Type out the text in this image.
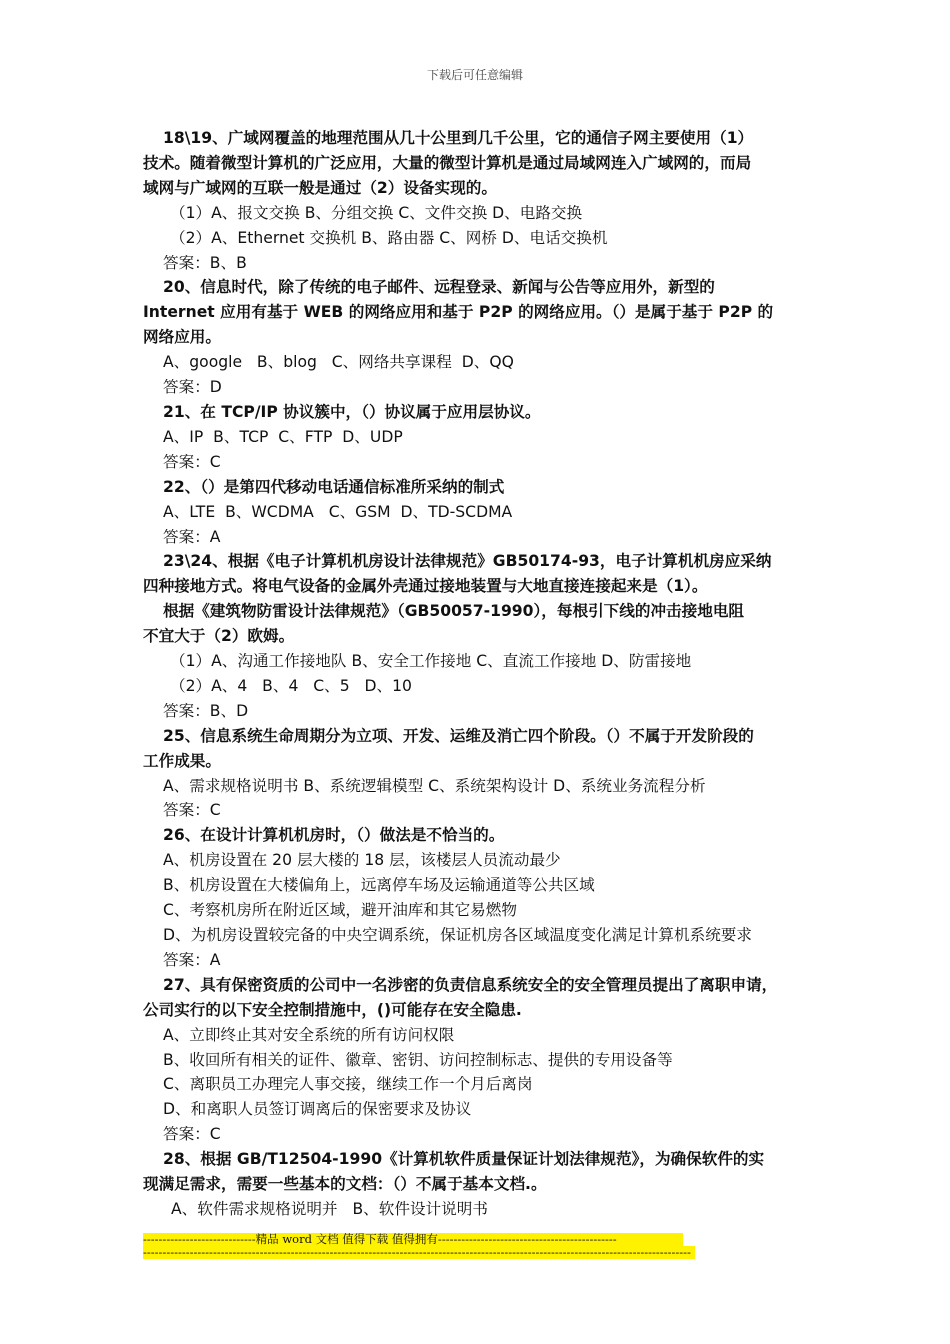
下载后可任意编辑
18\19、广域网覆盖的地理范围从几十公里到几千公里，它的通信子网主要使用（1）
技术。随着微型计算机的广泛应用，大量的微型计算机是通过局域网连入广域网的，而局
域网与广域网的互联一般是通过（2）设备实现的。
（1）A、报文交换 B、分组交换 C、文件交换 D、电路交换
（2）A、Ethernet 交换机 B、路由器 C、网桥 D、电话交换机
答案：B、B
20、信息时代，除了传统的电子邮件、远程登录、新闻与公告等应用外，新型的
Internet 应用有基于 WEB 的网络应用和基于 P2P 的网络应用。（）是属于基于 P2P 的
网络应用。
A、google   B、blog   C、网络共享课程  D、QQ
答案：D
21、在 TCP/IP 协议簇中，（）协议属于应用层协议。
A、IP  B、TCP  C、FTP  D、UDP
答案：C
22、（）是第四代移动电话通信标准所采纳的制式
A、LTE  B、WCDMA   C、GSM  D、TD-SCDMA
答案：A
23\24、根据《电子计算机机房设计法律规范》GB50174-93，电子计算机机房应采纳
四种接地方式。将电气设备的金属外壳通过接地装置与大地直接连接起来是（1）。
根据《建筑物防雷设计法律规范》（GB50057-1990），每根引下线的冲击接地电阻
不宜大于（2）欧姆。
（1）A、沟通工作接地队 B、安全工作接地 C、直流工作接地 D、防雷接地
（2）A、4   B、4   C、5   D、10
答案：B、D
25、信息系统生命周期分为立项、开发、运维及消亡四个阶段。（）不属于开发阶段的
工作成果。
A、需求规格说明书 B、系统逻辑模型 C、系统架构设计 D、系统业务流程分析
答案：C
26、在设计计算机机房时，（）做法是不恰当的。
A、机房设置在 20 层大楼的 18 层，该楼层人员流动最少
B、机房设置在大楼偏角上，远离停车场及运输通道等公共区域
C、考察机房所在附近区域，避开油库和其它易燃物
D、为机房设置较完备的中央空调系统，保证机房各区域温度变化满足计算机系统要求
答案：A
27、具有保密资质的公司中一名涉密的负责信息系统安全的安全管理员提出了离职申请，
公司实行的以下安全控制措施中，()可能存在安全隐患.
A、立即终止其对安全系统的所有访问权限
B、收回所有相关的证件、徽章、密钥、访问控制标志、提供的专用设备等
C、离职员工办理完人事交接，继续工作一个月后离岗
D、和离职人员签订调离后的保密要求及协议
答案：C
28、根据 GB/T12504-1990《计算机软件质量保证计划法律规范》，为确保软件的实
现满足需求，需要一些基本的文档：（）不属于基本文档.。
A、软件需求规格说明并   B、软件设计说明书
-----------------------------精品 word 文档 值得下载 值得拥有----------------------------------------------
---------------------------------------------------------------------------------------------------------------------------------------------
